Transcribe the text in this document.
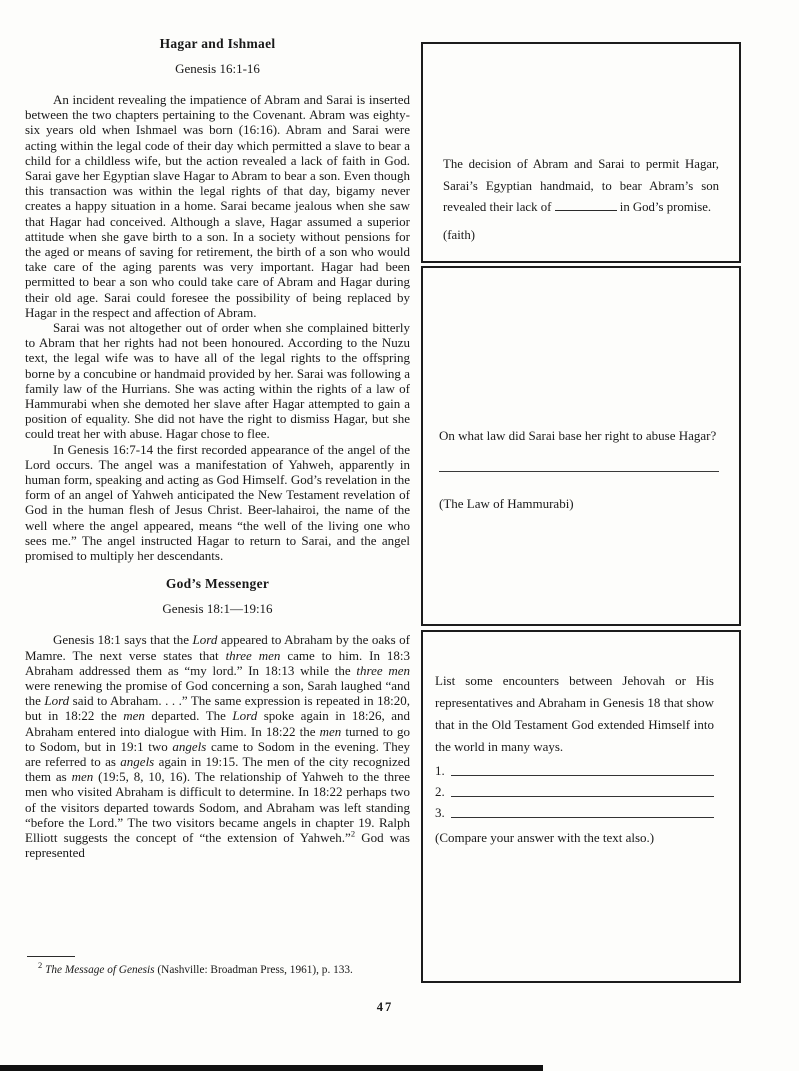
Hagar and Ishmael
Genesis 16:1-16

An incident revealing the impatience of Abram and Sarai is inserted between the two chapters pertaining to the Covenant. Abram was eighty-six years old when Ishmael was born (16:16). Abram and Sarai were acting within the legal code of their day which permitted a slave to bear a child for a childless wife, but the action revealed a lack of faith in God. Sarai gave her Egyptian slave Hagar to Abram to bear a son. Even though this transaction was within the legal rights of that day, bigamy never creates a happy situation in a home. Sarai became jealous when she saw that Hagar had conceived. Although a slave, Hagar assumed a superior attitude when she gave birth to a son. In a society without pensions for the aged or means of saving for retirement, the birth of a son who would take care of the aging parents was very important. Hagar had been permitted to bear a son who could take care of Abram and Hagar during their old age. Sarai could foresee the possibility of being replaced by Hagar in the respect and affection of Abram.

Sarai was not altogether out of order when she complained bitterly to Abram that her rights had not been honoured. According to the Nuzu text, the legal wife was to have all of the legal rights to the offspring borne by a concubine or handmaid provided by her. Sarai was following a family law of the Hurrians. She was acting within the rights of a law of Hammurabi when she demoted her slave after Hagar attempted to gain a position of equality. She did not have the right to dismiss Hagar, but she could treat her with abuse. Hagar chose to flee.

In Genesis 16:7-14 the first recorded appearance of the angel of the Lord occurs. The angel was a manifestation of Yahweh, apparently in human form, speaking and acting as God Himself. God’s revelation in the form of an angel of Yahweh anticipated the New Testament revelation of God in the human flesh of Jesus Christ. Beer-lahairoi, the name of the well where the angel appeared, means “the well of the living one who sees me.” The angel instructed Hagar to return to Sarai, and the angel promised to multiply her descendants.

God’s Messenger
Genesis 18:1—19:16

Genesis 18:1 says that the Lord appeared to Abraham by the oaks of Mamre. The next verse states that three men came to him. In 18:3 Abraham addressed them as “my lord.” In 18:13 while the three men were renewing the promise of God concerning a son, Sarah laughed “and the Lord said to Abraham. . . .” The same expression is repeated in 18:20, but in 18:22 the men departed. The Lord spoke again in 18:26, and Abraham entered into dialogue with Him. In 18:22 the men turned to go to Sodom, but in 19:1 two angels came to Sodom in the evening. They are referred to as angels again in 19:15. The men of the city recognized them as men (19:5, 8, 10, 16). The relationship of Yahweh to the three men who visited Abraham is difficult to determine. In 18:22 perhaps two of the visitors departed towards Sodom, and Abraham was left standing “before the Lord.” The two visitors became angels in chapter 19. Ralph Elliott suggests the concept of “the extension of Yahweh.”$^2$ God was represented

$^2$ The Message of Genesis (Nashville: Broadman Press, 1961), p. 133.
47

The decision of Abram and Sarai to permit Hagar, Sarai’s Egyptian handmaid, to bear Abram’s son revealed their lack of	in God’s promise.

(faith)

On what law did Sarai base her right to abuse Hagar?

(The Law of Hammurabi)

List some encounters between Jehovah or His representatives and Abraham in Genesis 18 that show that in the Old Testament God extended Himself into the world in many ways.

1.
2.
3.

(Compare your answer with the text also.)
